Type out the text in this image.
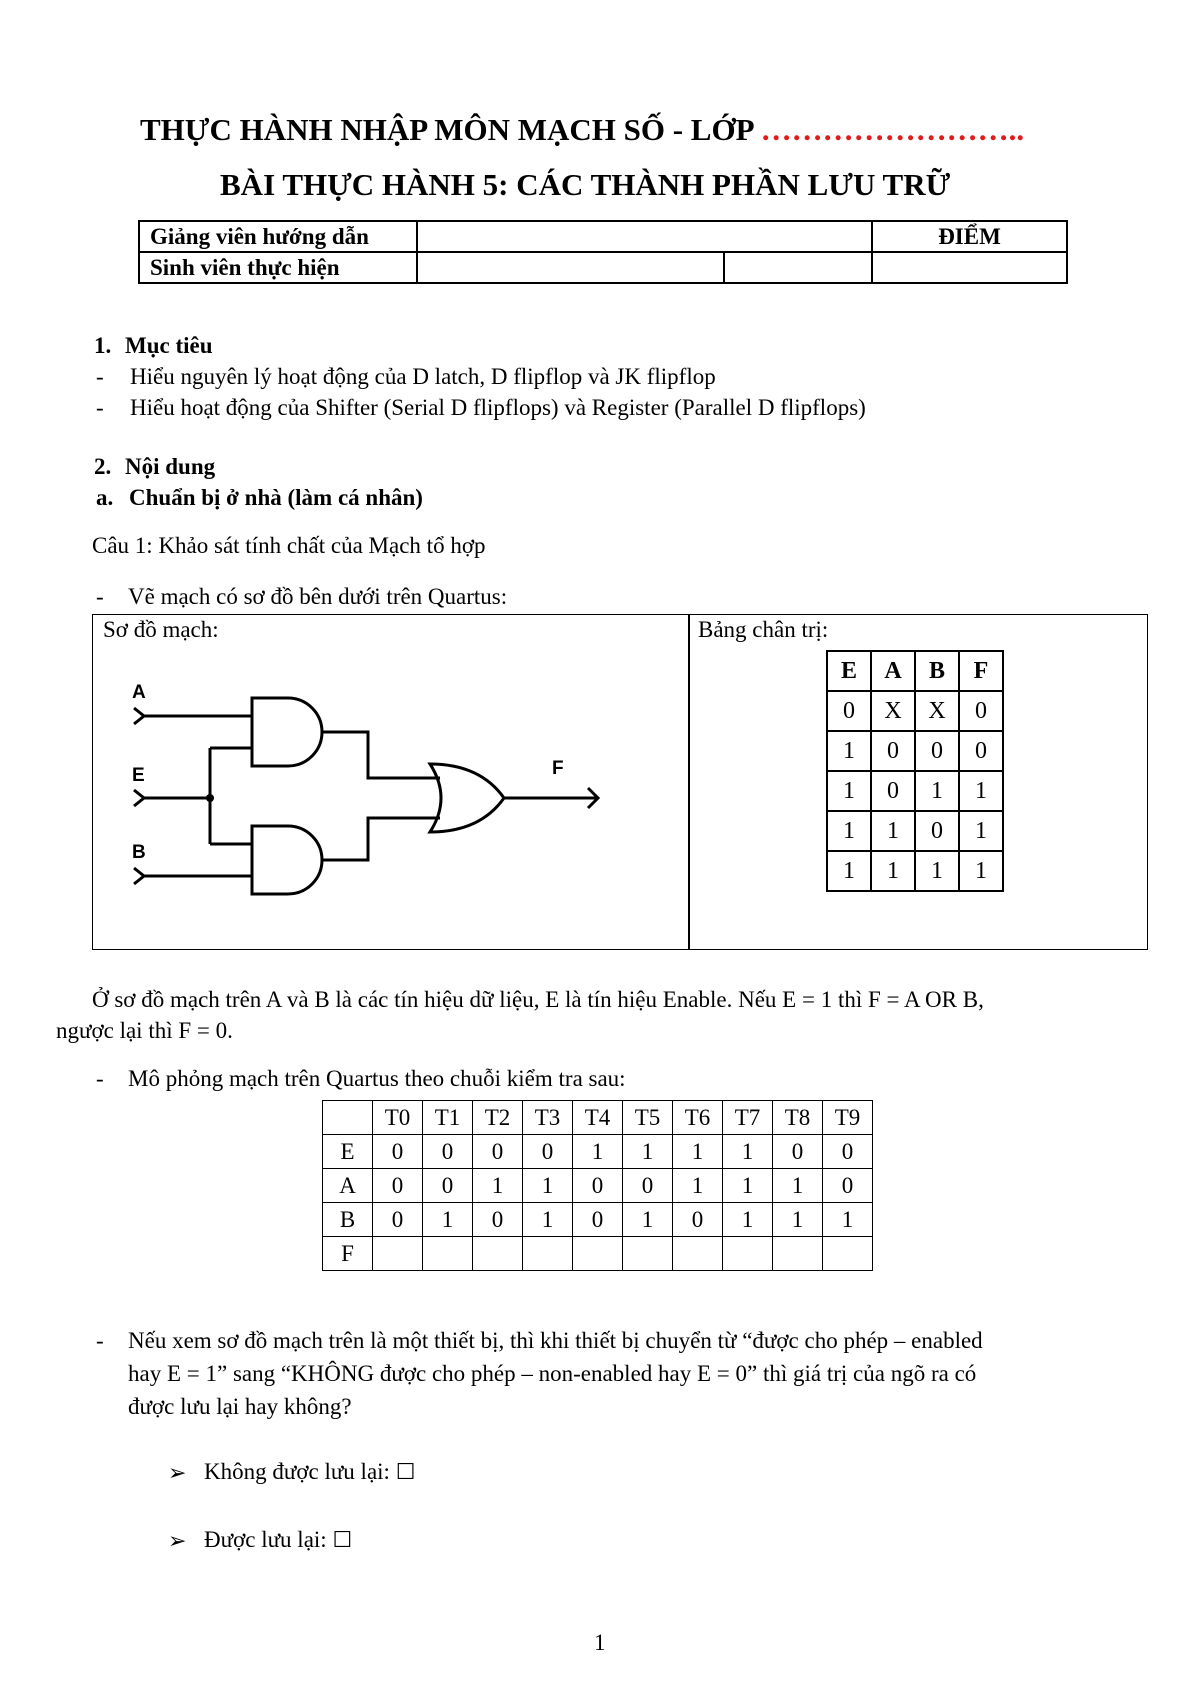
THỰC HÀNH NHẬP MÔN MẠCH SỐ - LỚP ……………………..
BÀI THỰC HÀNH 5: CÁC THÀNH PHẦN LƯU TRỮ
Giảng viên hướng dẫn			ĐIỂM
Sinh viên thực hiện			
1. Mục tiêu
- Hiểu nguyên lý hoạt động của D latch, D flipflop và JK flipflop
- Hiểu hoạt động của Shifter (Serial D flipflops) và Register (Parallel D flipflops)
2. Nội dung
a. Chuẩn bị ở nhà (làm cá nhân)
Câu 1: Khảo sát tính chất của Mạch tổ hợp
- Vẽ mạch có sơ đồ bên dưới trên Quartus:
Sơ đồ mạch:	Bảng chân trị:
A
E
B
F
E	A	B	F
0	X	X	0
1	0	0	0
1	0	1	1
1	1	0	1
1	1	1	1
Ở sơ đồ mạch trên A và B là các tín hiệu dữ liệu, E là tín hiệu Enable. Nếu E = 1 thì F = A OR B,
ngược lại thì F = 0.
- Mô phỏng mạch trên Quartus theo chuỗi kiểm tra sau:
	T0	T1	T2	T3	T4	T5	T6	T7	T8	T9
E	0	0	0	0	1	1	1	1	0	0
A	0	0	1	1	0	0	1	1	1	0
B	0	1	0	1	0	1	0	1	1	1
F										
- Nếu xem sơ đồ mạch trên là một thiết bị, thì khi thiết bị chuyển từ “được cho phép – enabled
hay E = 1” sang “KHÔNG được cho phép – non-enabled hay E = 0” thì giá trị của ngõ ra có
được lưu lại hay không?
➢ Không được lưu lại: ☐
➢ Được lưu lại: ☐
1
